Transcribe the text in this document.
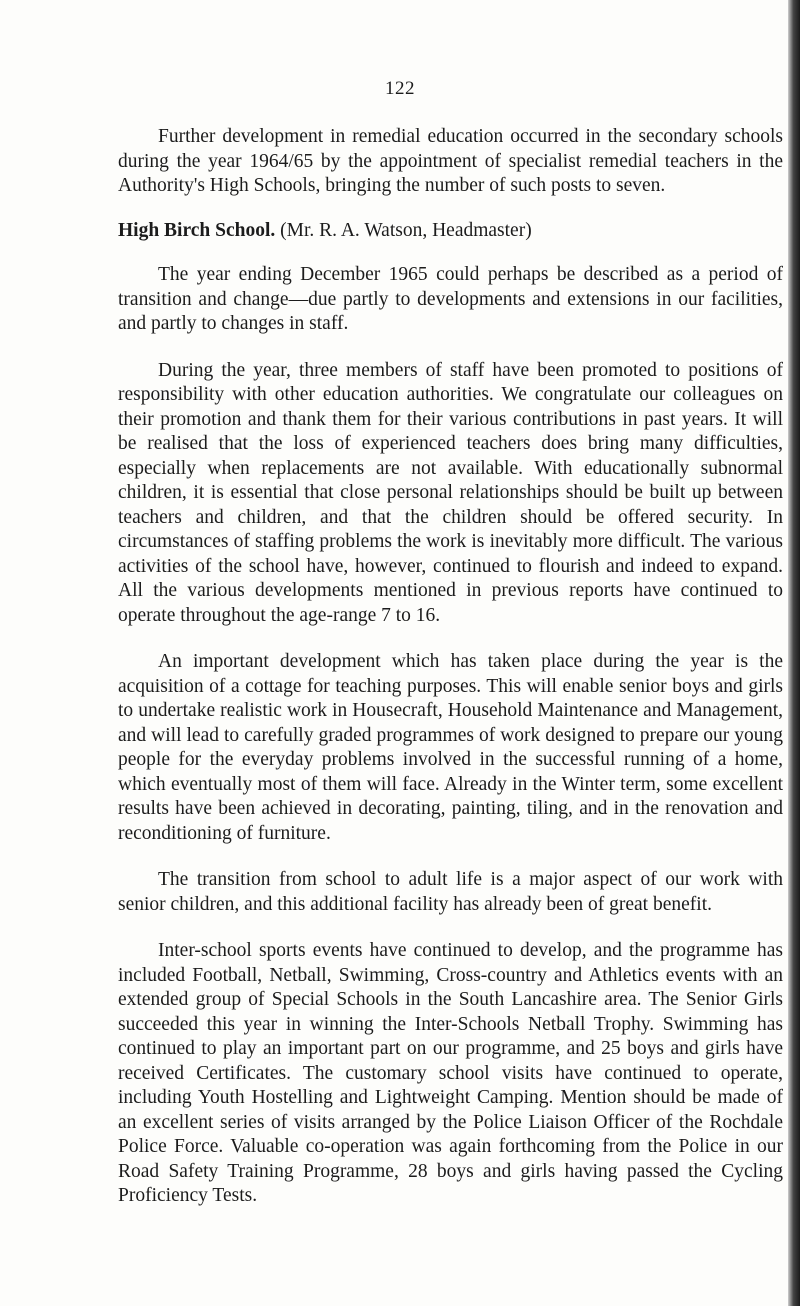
122

Further development in remedial education occurred in the secondary schools during the year 1964/65 by the appointment of specialist remedial teachers in the Authority's High Schools, bringing the number of such posts to seven.

High Birch School. (Mr. R. A. Watson, Headmaster)

The year ending December 1965 could perhaps be described as a period of transition and change—due partly to developments and extensions in our facilities, and partly to changes in staff.

During the year, three members of staff have been promoted to positions of responsibility with other education authorities. We congratulate our colleagues on their promotion and thank them for their various contributions in past years. It will be realised that the loss of experienced teachers does bring many difficulties, especially when replacements are not available. With educationally subnormal children, it is essential that close personal relationships should be built up between teachers and children, and that the children should be offered security. In circumstances of staffing problems the work is inevitably more difficult. The various activities of the school have, however, continued to flourish and indeed to expand. All the various developments mentioned in previous reports have continued to operate throughout the age-range 7 to 16.

An important development which has taken place during the year is the acquisition of a cottage for teaching purposes. This will enable senior boys and girls to undertake realistic work in Housecraft, Household Maintenance and Management, and will lead to carefully graded programmes of work designed to prepare our young people for the everyday problems involved in the successful running of a home, which eventually most of them will face. Already in the Winter term, some excellent results have been achieved in decorating, painting, tiling, and in the renovation and reconditioning of furniture.

The transition from school to adult life is a major aspect of our work with senior children, and this additional facility has already been of great benefit.

Inter-school sports events have continued to develop, and the programme has included Football, Netball, Swimming, Cross-country and Athletics events with an extended group of Special Schools in the South Lancashire area. The Senior Girls succeeded this year in winning the Inter-Schools Netball Trophy. Swimming has continued to play an important part on our programme, and 25 boys and girls have received Certificates. The customary school visits have continued to operate, including Youth Hostelling and Lightweight Camping. Mention should be made of an excellent series of visits arranged by the Police Liaison Officer of the Rochdale Police Force. Valuable co-operation was again forthcoming from the Police in our Road Safety Training Programme, 28 boys and girls having passed the Cycling Proficiency Tests.
